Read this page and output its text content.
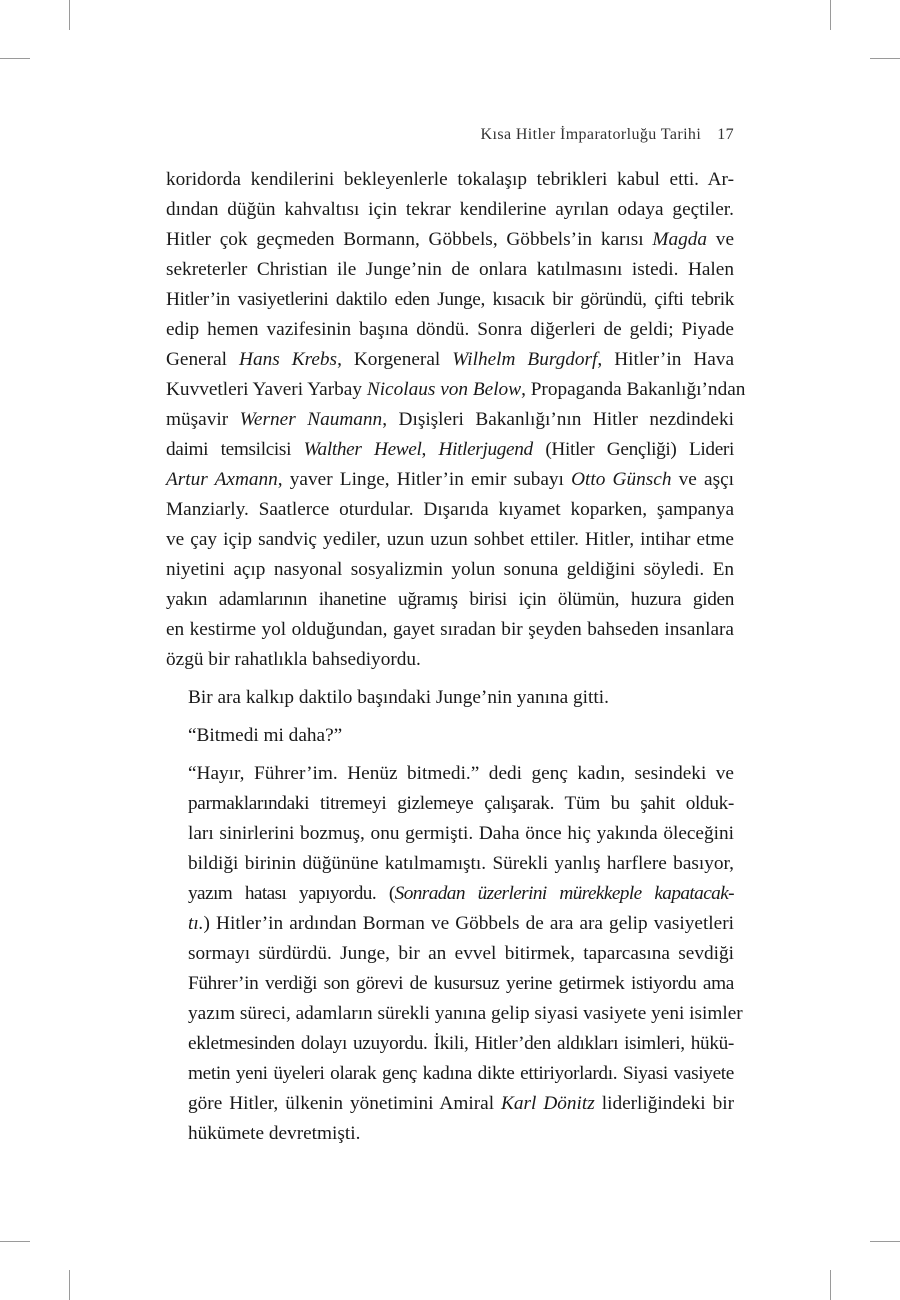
Kısa Hitler İmparatorluğu Tarihi 17

koridorda kendilerini bekleyenlerle tokalaşıp tebrikleri kabul etti. Ar-
dından düğün kahvaltısı için tekrar kendilerine ayrılan odaya geçtiler.
Hitler çok geçmeden Bormann, Göbbels, Göbbels’in karısı Magda ve
sekreterler Christian ile Junge’nin de onlara katılmasını istedi. Halen
Hitler’in vasiyetlerini daktilo eden Junge, kısacık bir göründü, çifti tebrik
edip hemen vazifesinin başına döndü. Sonra diğerleri de geldi; Piyade
General Hans Krebs, Korgeneral Wilhelm Burgdorf, Hitler’in Hava
Kuvvetleri Yaveri Yarbay Nicolaus von Below, Propaganda Bakanlığı’ndan
müşavir Werner Naumann, Dışişleri Bakanlığı’nın Hitler nezdindeki
daimi temsilcisi Walther Hewel, Hitlerjugend (Hitler Gençliği) Lideri
Artur Axmann, yaver Linge, Hitler’in emir subayı Otto Günsch ve aşçı
Manziarly. Saatlerce oturdular. Dışarıda kıyamet koparken, şampanya
ve çay içip sandviç yediler, uzun uzun sohbet ettiler. Hitler, intihar etme
niyetini açıp nasyonal sosyalizmin yolun sonuna geldiğini söyledi. En
yakın adamlarının ihanetine uğramış birisi için ölümün, huzura giden
en kestirme yol olduğundan, gayet sıradan bir şeyden bahseden insanlara
özgü bir rahatlıkla bahsediyordu.

Bir ara kalkıp daktilo başındaki Junge’nin yanına gitti.

“Bitmedi mi daha?”

“Hayır, Führer’im. Henüz bitmedi.” dedi genç kadın, sesindeki ve
parmaklarındaki titremeyi gizlemeye çalışarak. Tüm bu şahit olduk-
ları sinirlerini bozmuş, onu germişti. Daha önce hiç yakında öleceğini
bildiği birinin düğününe katılmamıştı. Sürekli yanlış harflere basıyor,
yazım hatası yapıyordu. (Sonradan üzerlerini mürekkeple kapatacak-
tı.) Hitler’in ardından Borman ve Göbbels de ara ara gelip vasiyetleri
sormayı sürdürdü. Junge, bir an evvel bitirmek, taparcasına sevdiği
Führer’in verdiği son görevi de kusursuz yerine getirmek istiyordu ama
yazım süreci, adamların sürekli yanına gelip siyasi vasiyete yeni isimler
ekletmesinden dolayı uzuyordu. İkili, Hitler’den aldıkları isimleri, hükü-
metin yeni üyeleri olarak genç kadına dikte ettiriyorlardı. Siyasi vasiyete
göre Hitler, ülkenin yönetimini Amiral Karl Dönitz liderliğindeki bir
hükümete devretmişti.
